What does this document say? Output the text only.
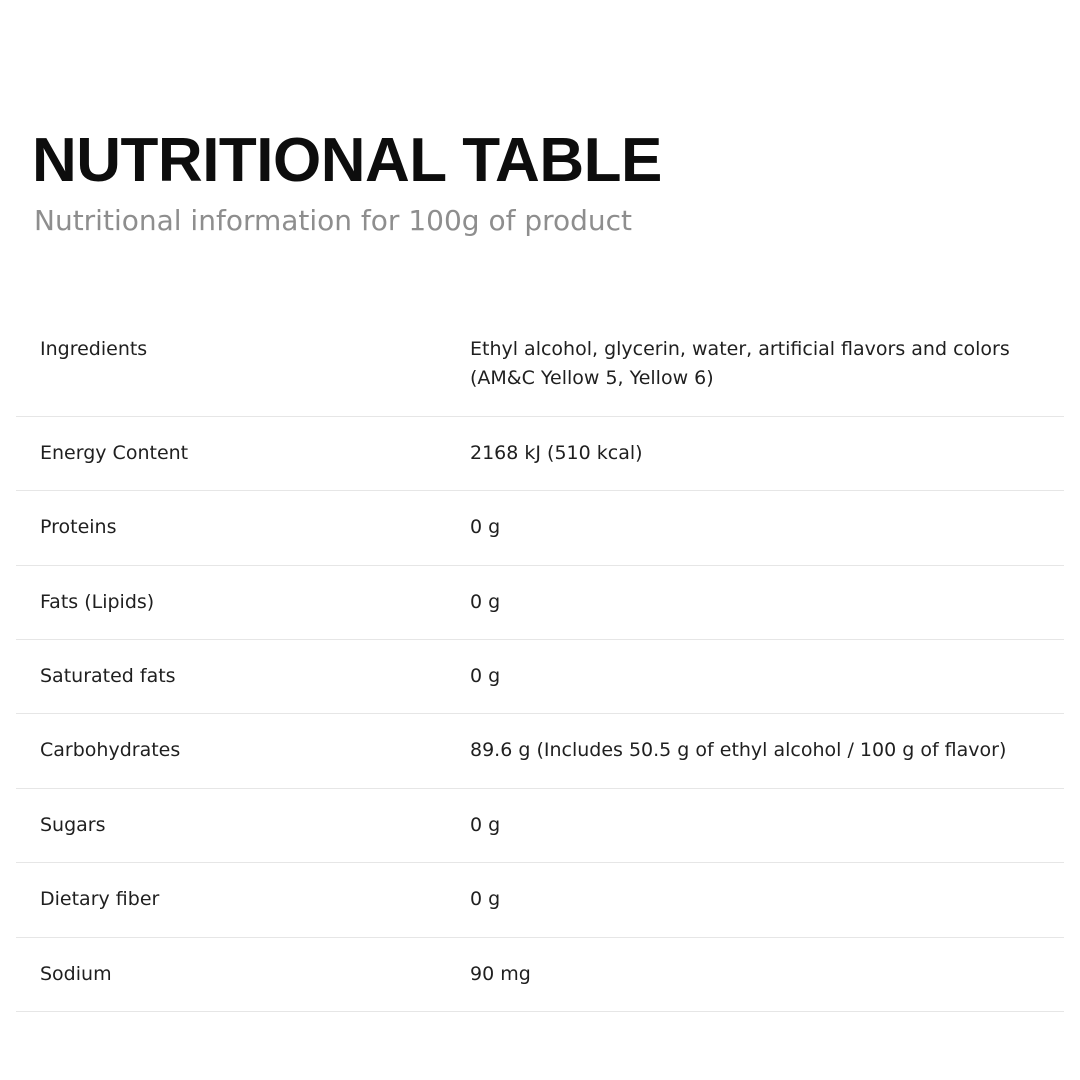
NUTRITIONAL TABLE
Nutritional information for 100g of product
Ingredients	Ethyl alcohol, glycerin, water, artificial flavors and colors (AM&C Yellow 5, Yellow 6)
Energy Content	2168 kJ (510 kcal)
Proteins	0 g
Fats (Lipids)	0 g
Saturated fats	0 g
Carbohydrates	89.6 g (Includes 50.5 g of ethyl alcohol / 100 g of flavor)
Sugars	0 g
Dietary fiber	0 g
Sodium	90 mg
